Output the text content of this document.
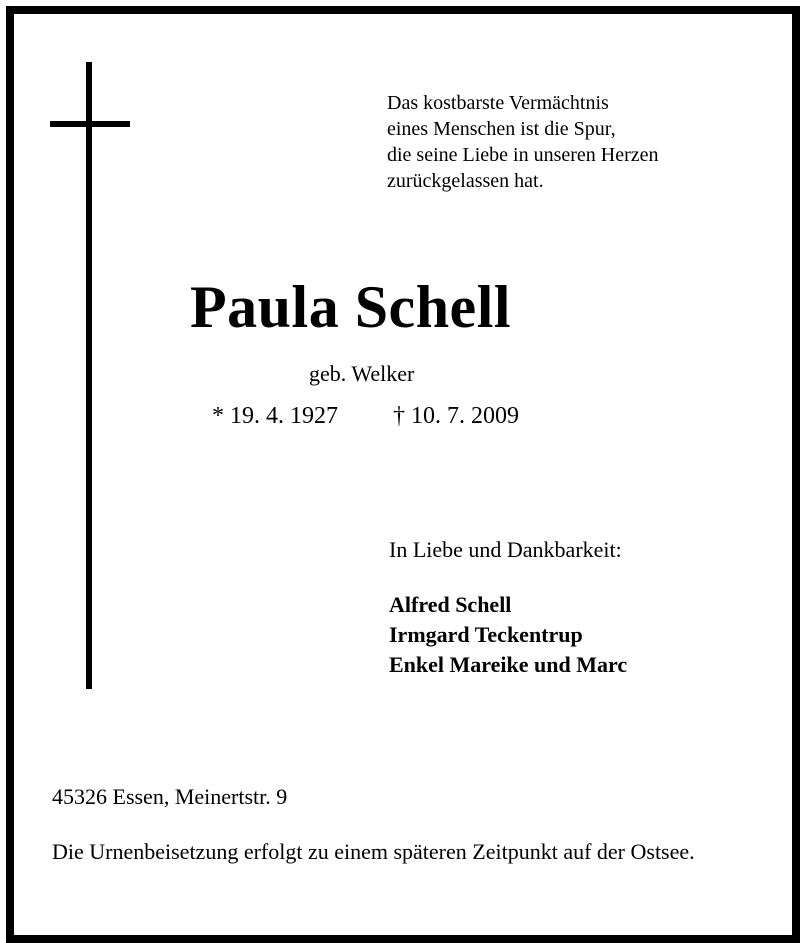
Das kostbarste Vermächtnis
eines Menschen ist die Spur,
die seine Liebe in unseren Herzen
zurückgelassen hat.
Paula Schell
geb. Welker
* 19. 4. 1927 † 10. 7. 2009
In Liebe und Dankbarkeit:
Alfred Schell
Irmgard Teckentrup
Enkel Mareike und Marc
45326 Essen, Meinertstr. 9
Die Urnenbeisetzung erfolgt zu einem späteren Zeitpunkt auf der Ostsee.
